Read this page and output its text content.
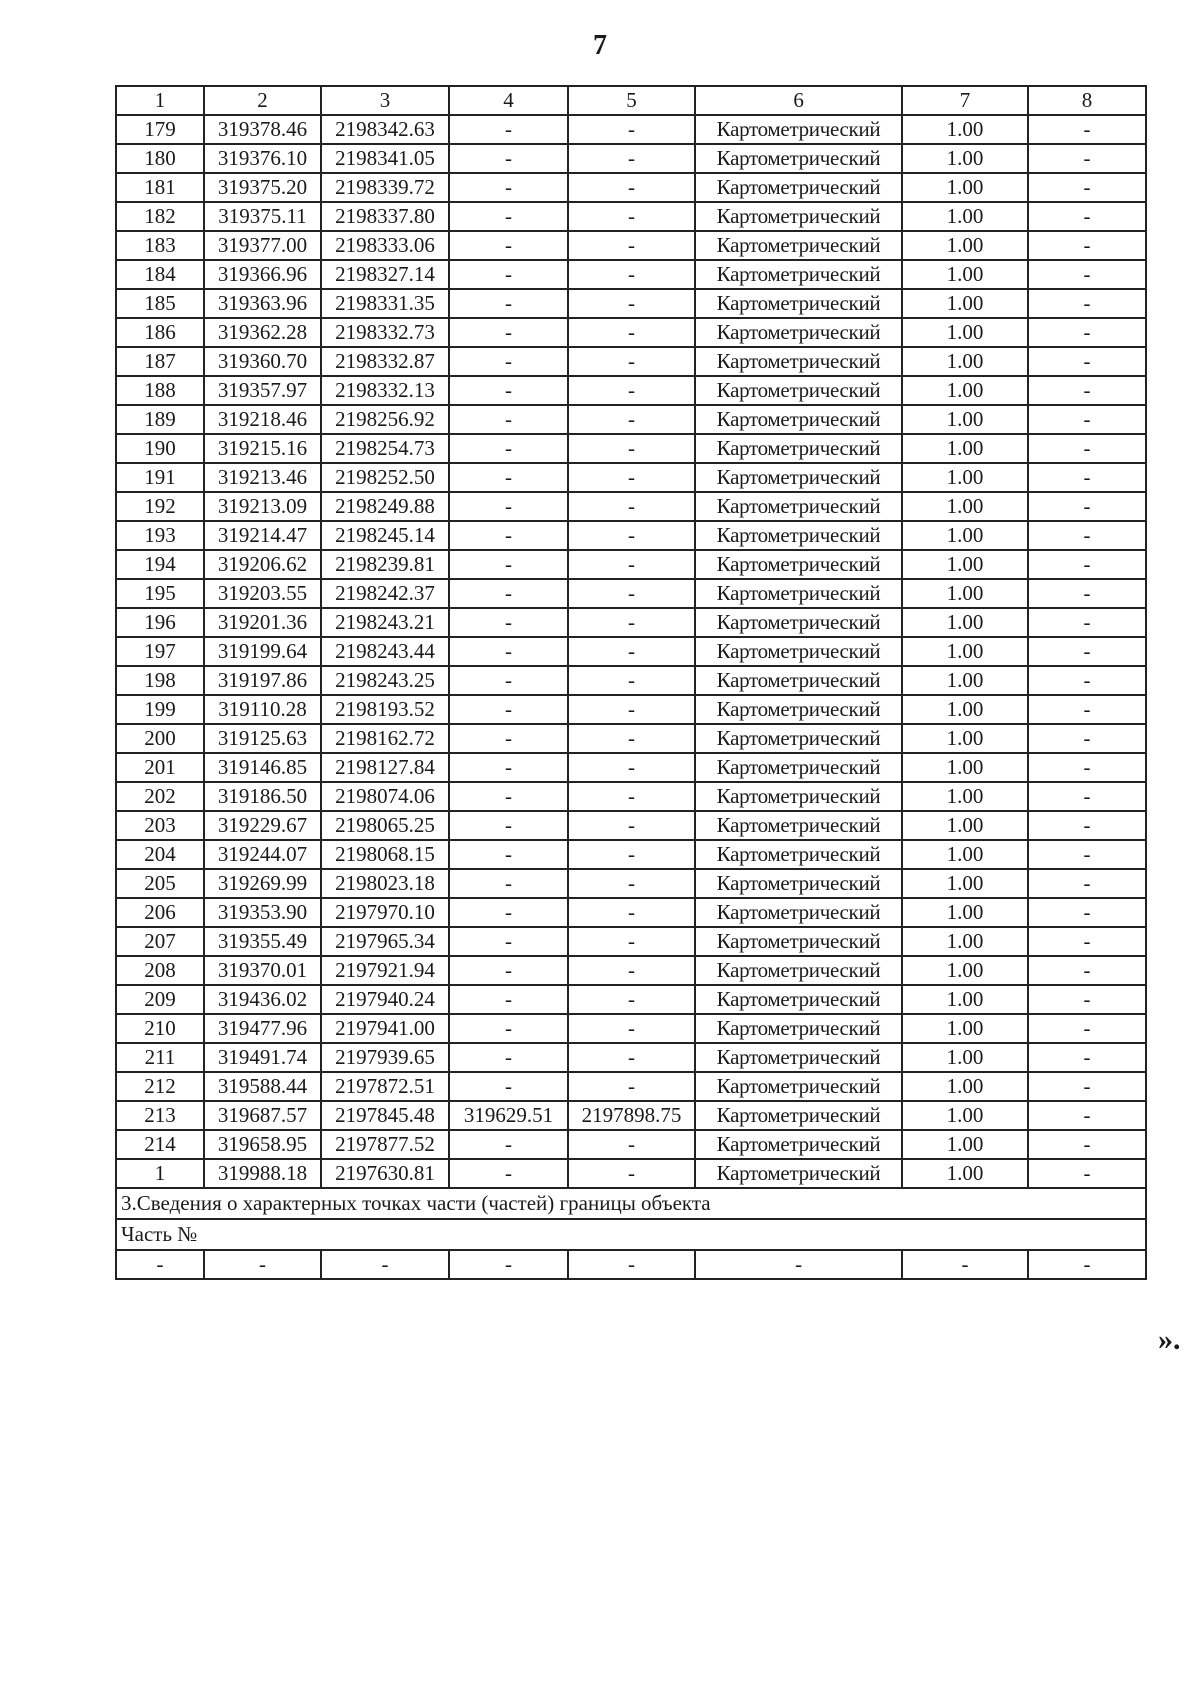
7
1	2	3	4	5	6	7	8
179	319378.46	2198342.63	-	-	Картометрический	1.00	-
180	319376.10	2198341.05	-	-	Картометрический	1.00	-
181	319375.20	2198339.72	-	-	Картометрический	1.00	-
182	319375.11	2198337.80	-	-	Картометрический	1.00	-
183	319377.00	2198333.06	-	-	Картометрический	1.00	-
184	319366.96	2198327.14	-	-	Картометрический	1.00	-
185	319363.96	2198331.35	-	-	Картометрический	1.00	-
186	319362.28	2198332.73	-	-	Картометрический	1.00	-
187	319360.70	2198332.87	-	-	Картометрический	1.00	-
188	319357.97	2198332.13	-	-	Картометрический	1.00	-
189	319218.46	2198256.92	-	-	Картометрический	1.00	-
190	319215.16	2198254.73	-	-	Картометрический	1.00	-
191	319213.46	2198252.50	-	-	Картометрический	1.00	-
192	319213.09	2198249.88	-	-	Картометрический	1.00	-
193	319214.47	2198245.14	-	-	Картометрический	1.00	-
194	319206.62	2198239.81	-	-	Картометрический	1.00	-
195	319203.55	2198242.37	-	-	Картометрический	1.00	-
196	319201.36	2198243.21	-	-	Картометрический	1.00	-
197	319199.64	2198243.44	-	-	Картометрический	1.00	-
198	319197.86	2198243.25	-	-	Картометрический	1.00	-
199	319110.28	2198193.52	-	-	Картометрический	1.00	-
200	319125.63	2198162.72	-	-	Картометрический	1.00	-
201	319146.85	2198127.84	-	-	Картометрический	1.00	-
202	319186.50	2198074.06	-	-	Картометрический	1.00	-
203	319229.67	2198065.25	-	-	Картометрический	1.00	-
204	319244.07	2198068.15	-	-	Картометрический	1.00	-
205	319269.99	2198023.18	-	-	Картометрический	1.00	-
206	319353.90	2197970.10	-	-	Картометрический	1.00	-
207	319355.49	2197965.34	-	-	Картометрический	1.00	-
208	319370.01	2197921.94	-	-	Картометрический	1.00	-
209	319436.02	2197940.24	-	-	Картометрический	1.00	-
210	319477.96	2197941.00	-	-	Картометрический	1.00	-
211	319491.74	2197939.65	-	-	Картометрический	1.00	-
212	319588.44	2197872.51	-	-	Картометрический	1.00	-
213	319687.57	2197845.48	319629.51	2197898.75	Картометрический	1.00	-
214	319658.95	2197877.52	-	-	Картометрический	1.00	-
1	319988.18	2197630.81	-	-	Картометрический	1.00	-
3.Сведения о характерных точках части (частей) границы объекта							
Часть №							
-	-	-	-	-	-	-	-
».
